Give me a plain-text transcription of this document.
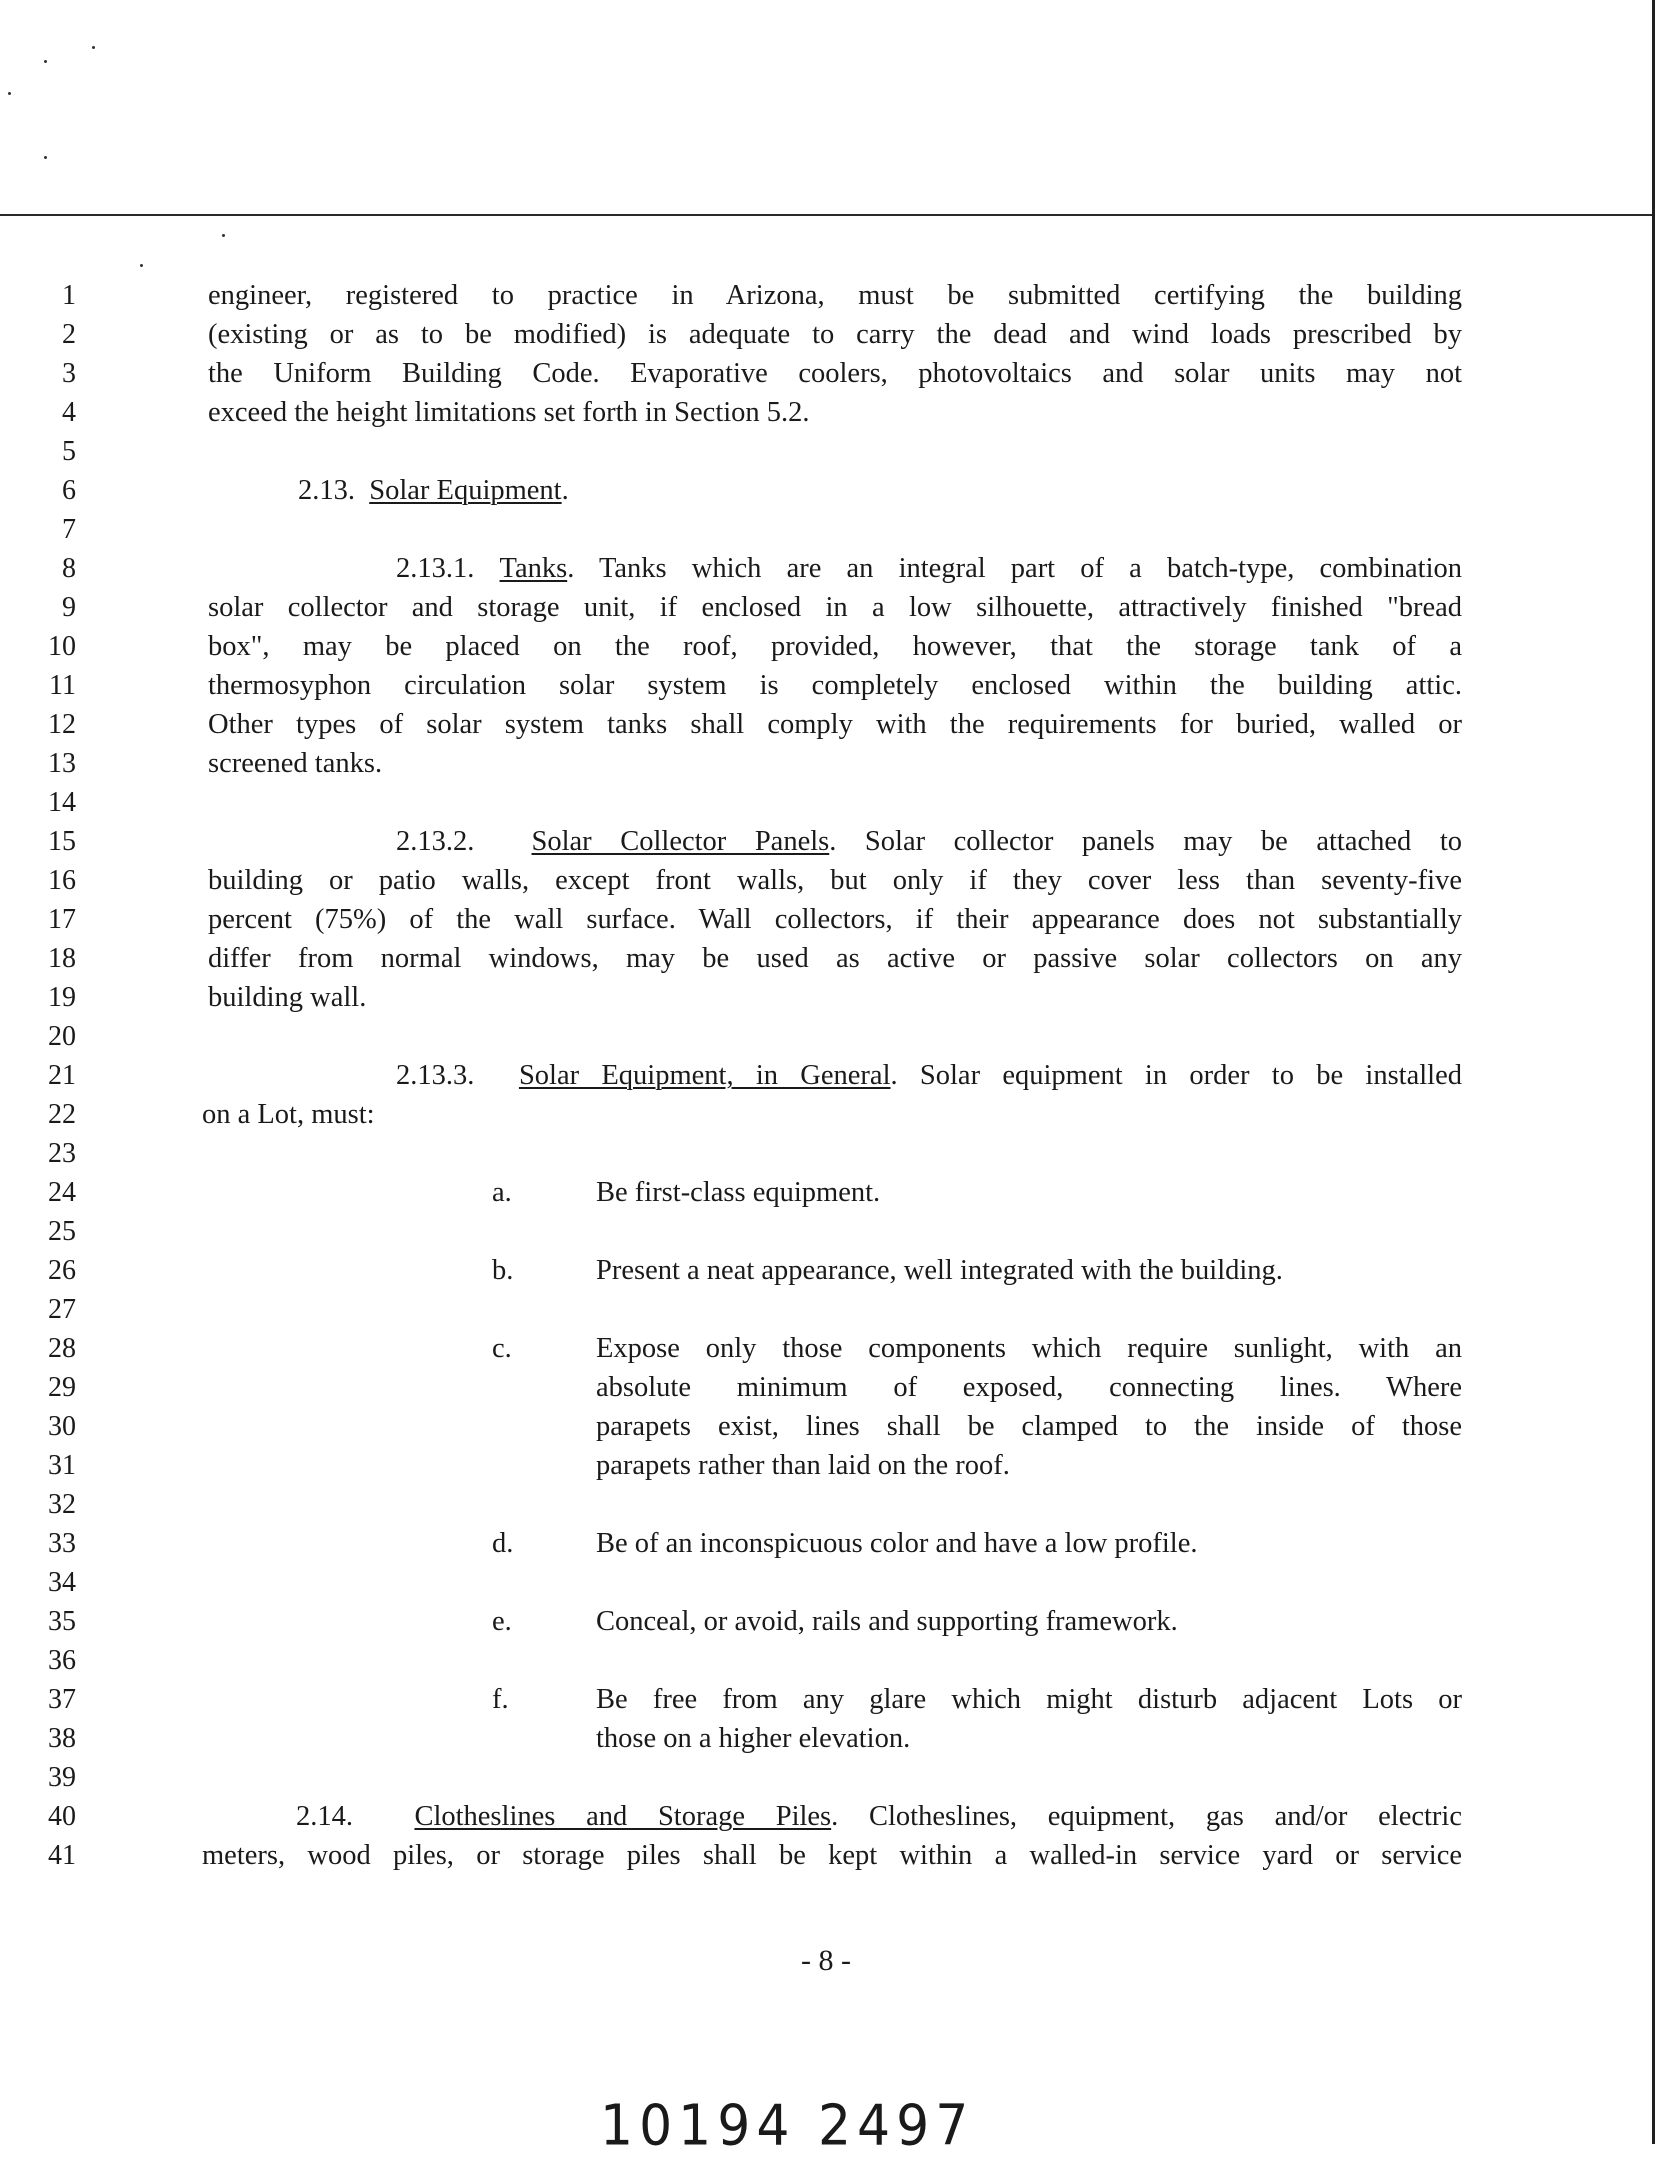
1
2
3
4
5
6
7
8
9
10
11
12
13
14
15
16
17
18
19
20
21
22
23
24
25
26
27
28
29
30
31
32
33
34
35
36
37
38
39
40
41
engineer, registered to practice in Arizona, must be submitted certifying the building
(existing or as to be modified) is adequate to carry the dead and wind loads prescribed by
the Uniform Building Code. Evaporative coolers, photovoltaics and solar units may not
exceed the height limitations set forth in Section 5.2.
2.13. Solar Equipment.
2.13.1. Tanks. Tanks which are an integral part of a batch-type, combination
solar collector and storage unit, if enclosed in a low silhouette, attractively finished "bread
box", may be placed on the roof, provided, however, that the storage tank of a
thermosyphon circulation solar system is completely enclosed within the building attic.
Other types of solar system tanks shall comply with the requirements for buried, walled or
screened tanks.
2.13.2. Solar Collector Panels. Solar collector panels may be attached to
building or patio walls, except front walls, but only if they cover less than seventy-five
percent (75%) of the wall surface. Wall collectors, if their appearance does not substantially
differ from normal windows, may be used as active or passive solar collectors on any
building wall.
2.13.3. Solar Equipment, in General. Solar equipment in order to be installed
on a Lot, must:
a.	Be first-class equipment.
b.	Present a neat appearance, well integrated with the building.
c.	Expose only those components which require sunlight, with an
absolute minimum of exposed, connecting lines. Where
parapets exist, lines shall be clamped to the inside of those
parapets rather than laid on the roof.
d.	Be of an inconspicuous color and have a low profile.
e.	Conceal, or avoid, rails and supporting framework.
f.	Be free from any glare which might disturb adjacent Lots or
those on a higher elevation.
2.14. Clotheslines and Storage Piles. Clotheslines, equipment, gas and/or electric
meters, wood piles, or storage piles shall be kept within a walled-in service yard or service
- 8 -
10194 2497
